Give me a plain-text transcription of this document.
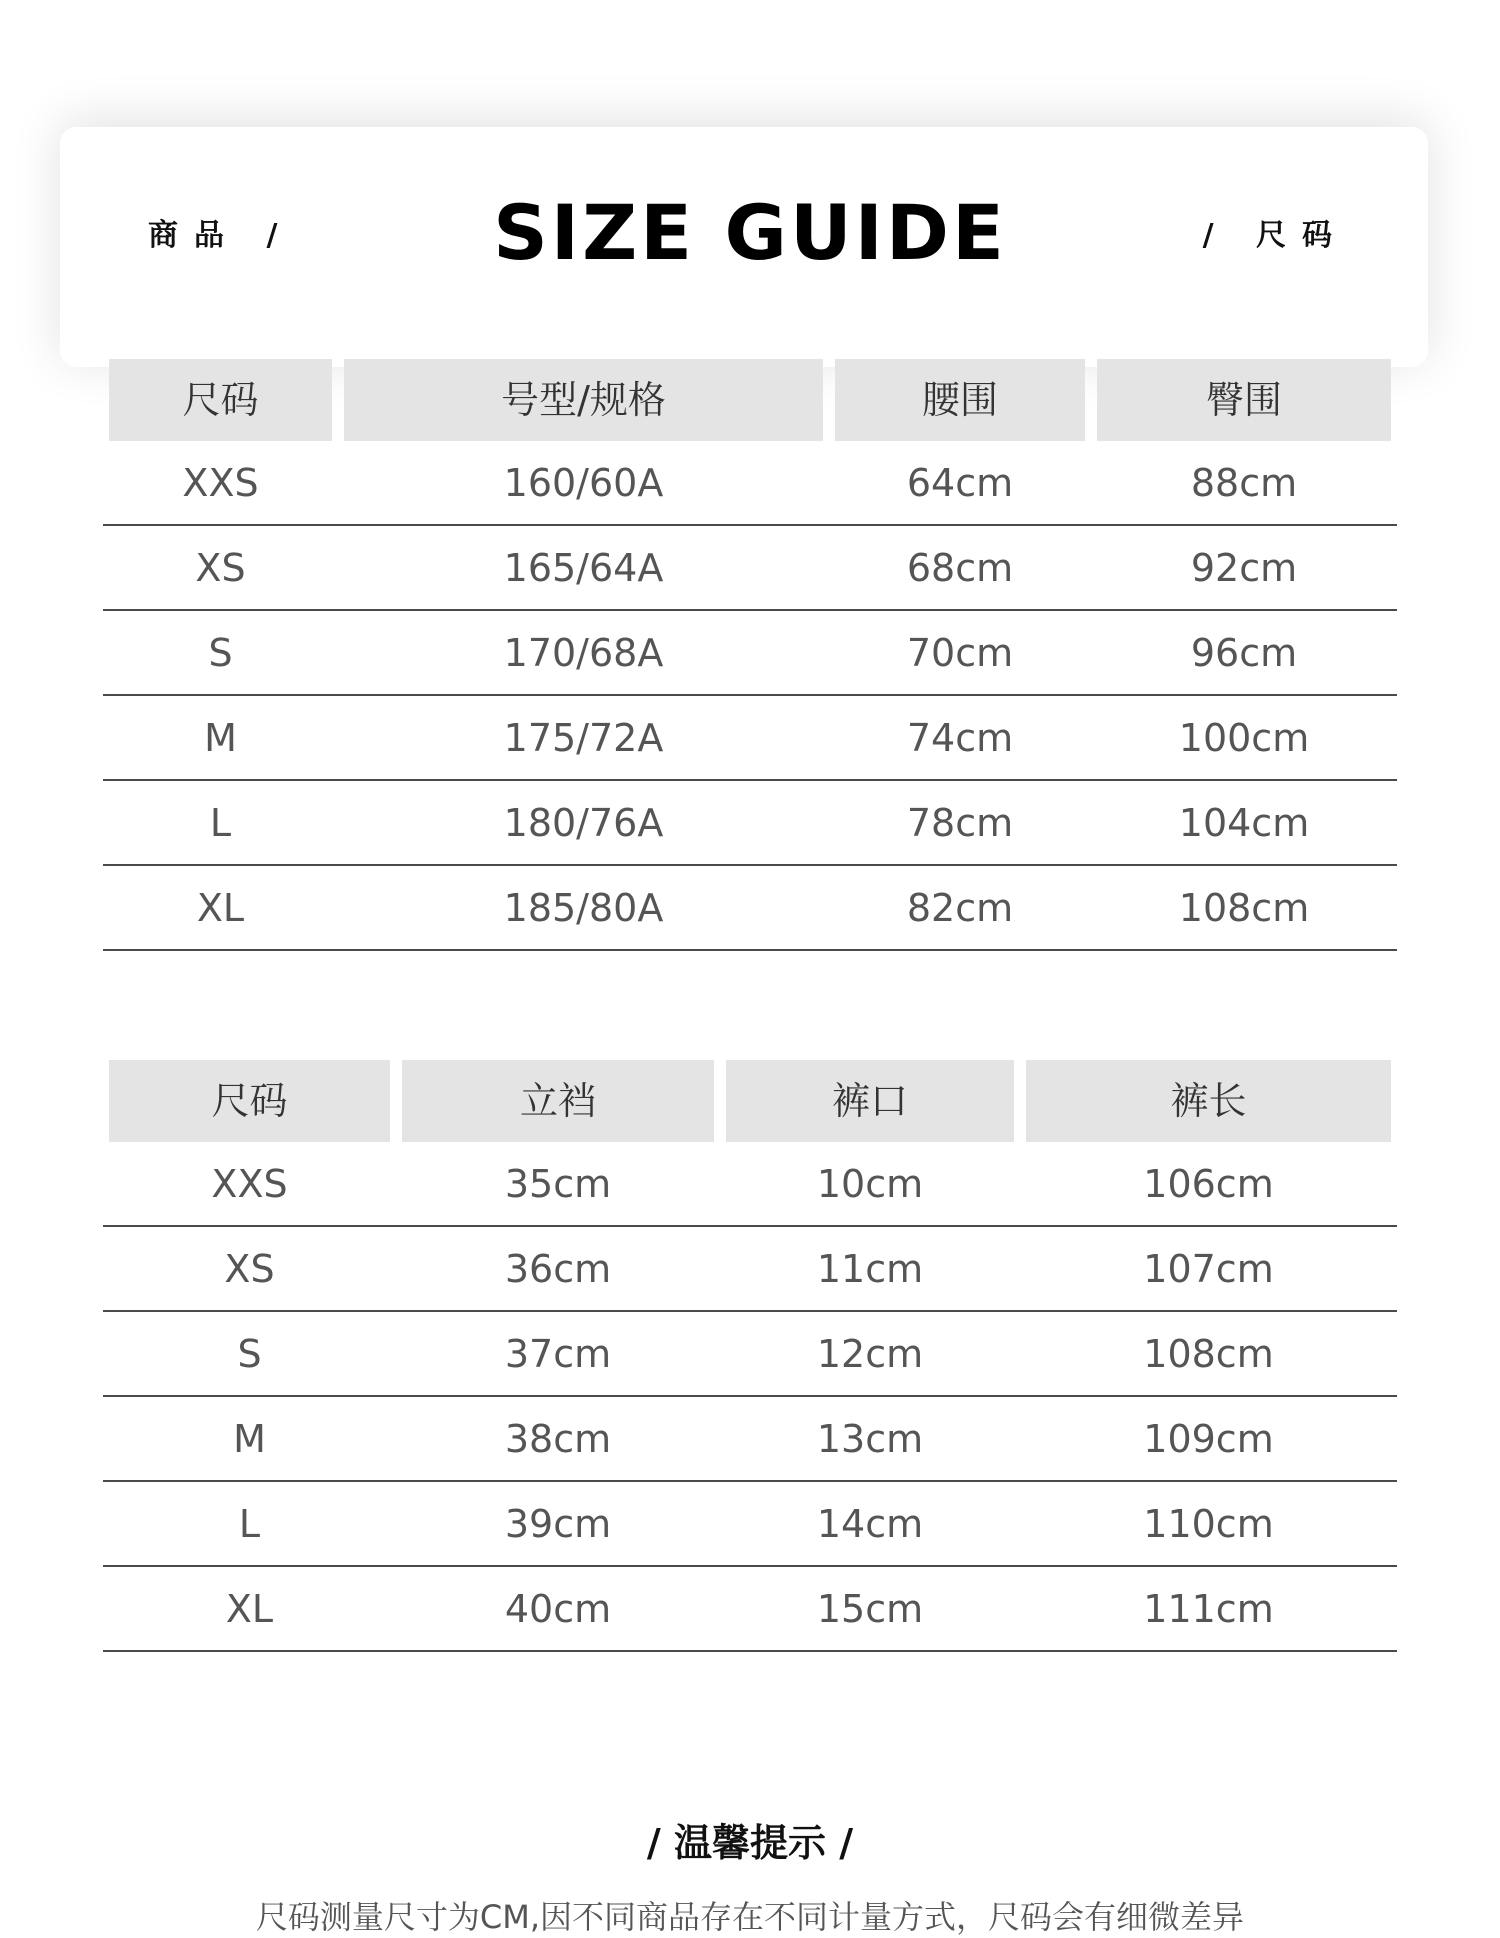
商品 /	SIZE GUIDE	/ 尺码
尺码	号型/规格	腰围	臀围

XXS	160/60A	64cm	88cm
XS	165/64A	68cm	92cm
S	170/68A	70cm	96cm
M	175/72A	74cm	100cm
L	180/76A	78cm	104cm
XL	185/80A	82cm	108cm
尺码	立裆	裤口	裤长

XXS	35cm	10cm	106cm
XS	36cm	11cm	107cm
S	37cm	12cm	108cm
M	38cm	13cm	109cm
L	39cm	14cm	110cm
XL	40cm	15cm	111cm
/ 温馨提示 /
尺码测量尺寸为CM,因不同商品存在不同计量方式，尺码会有细微差异
